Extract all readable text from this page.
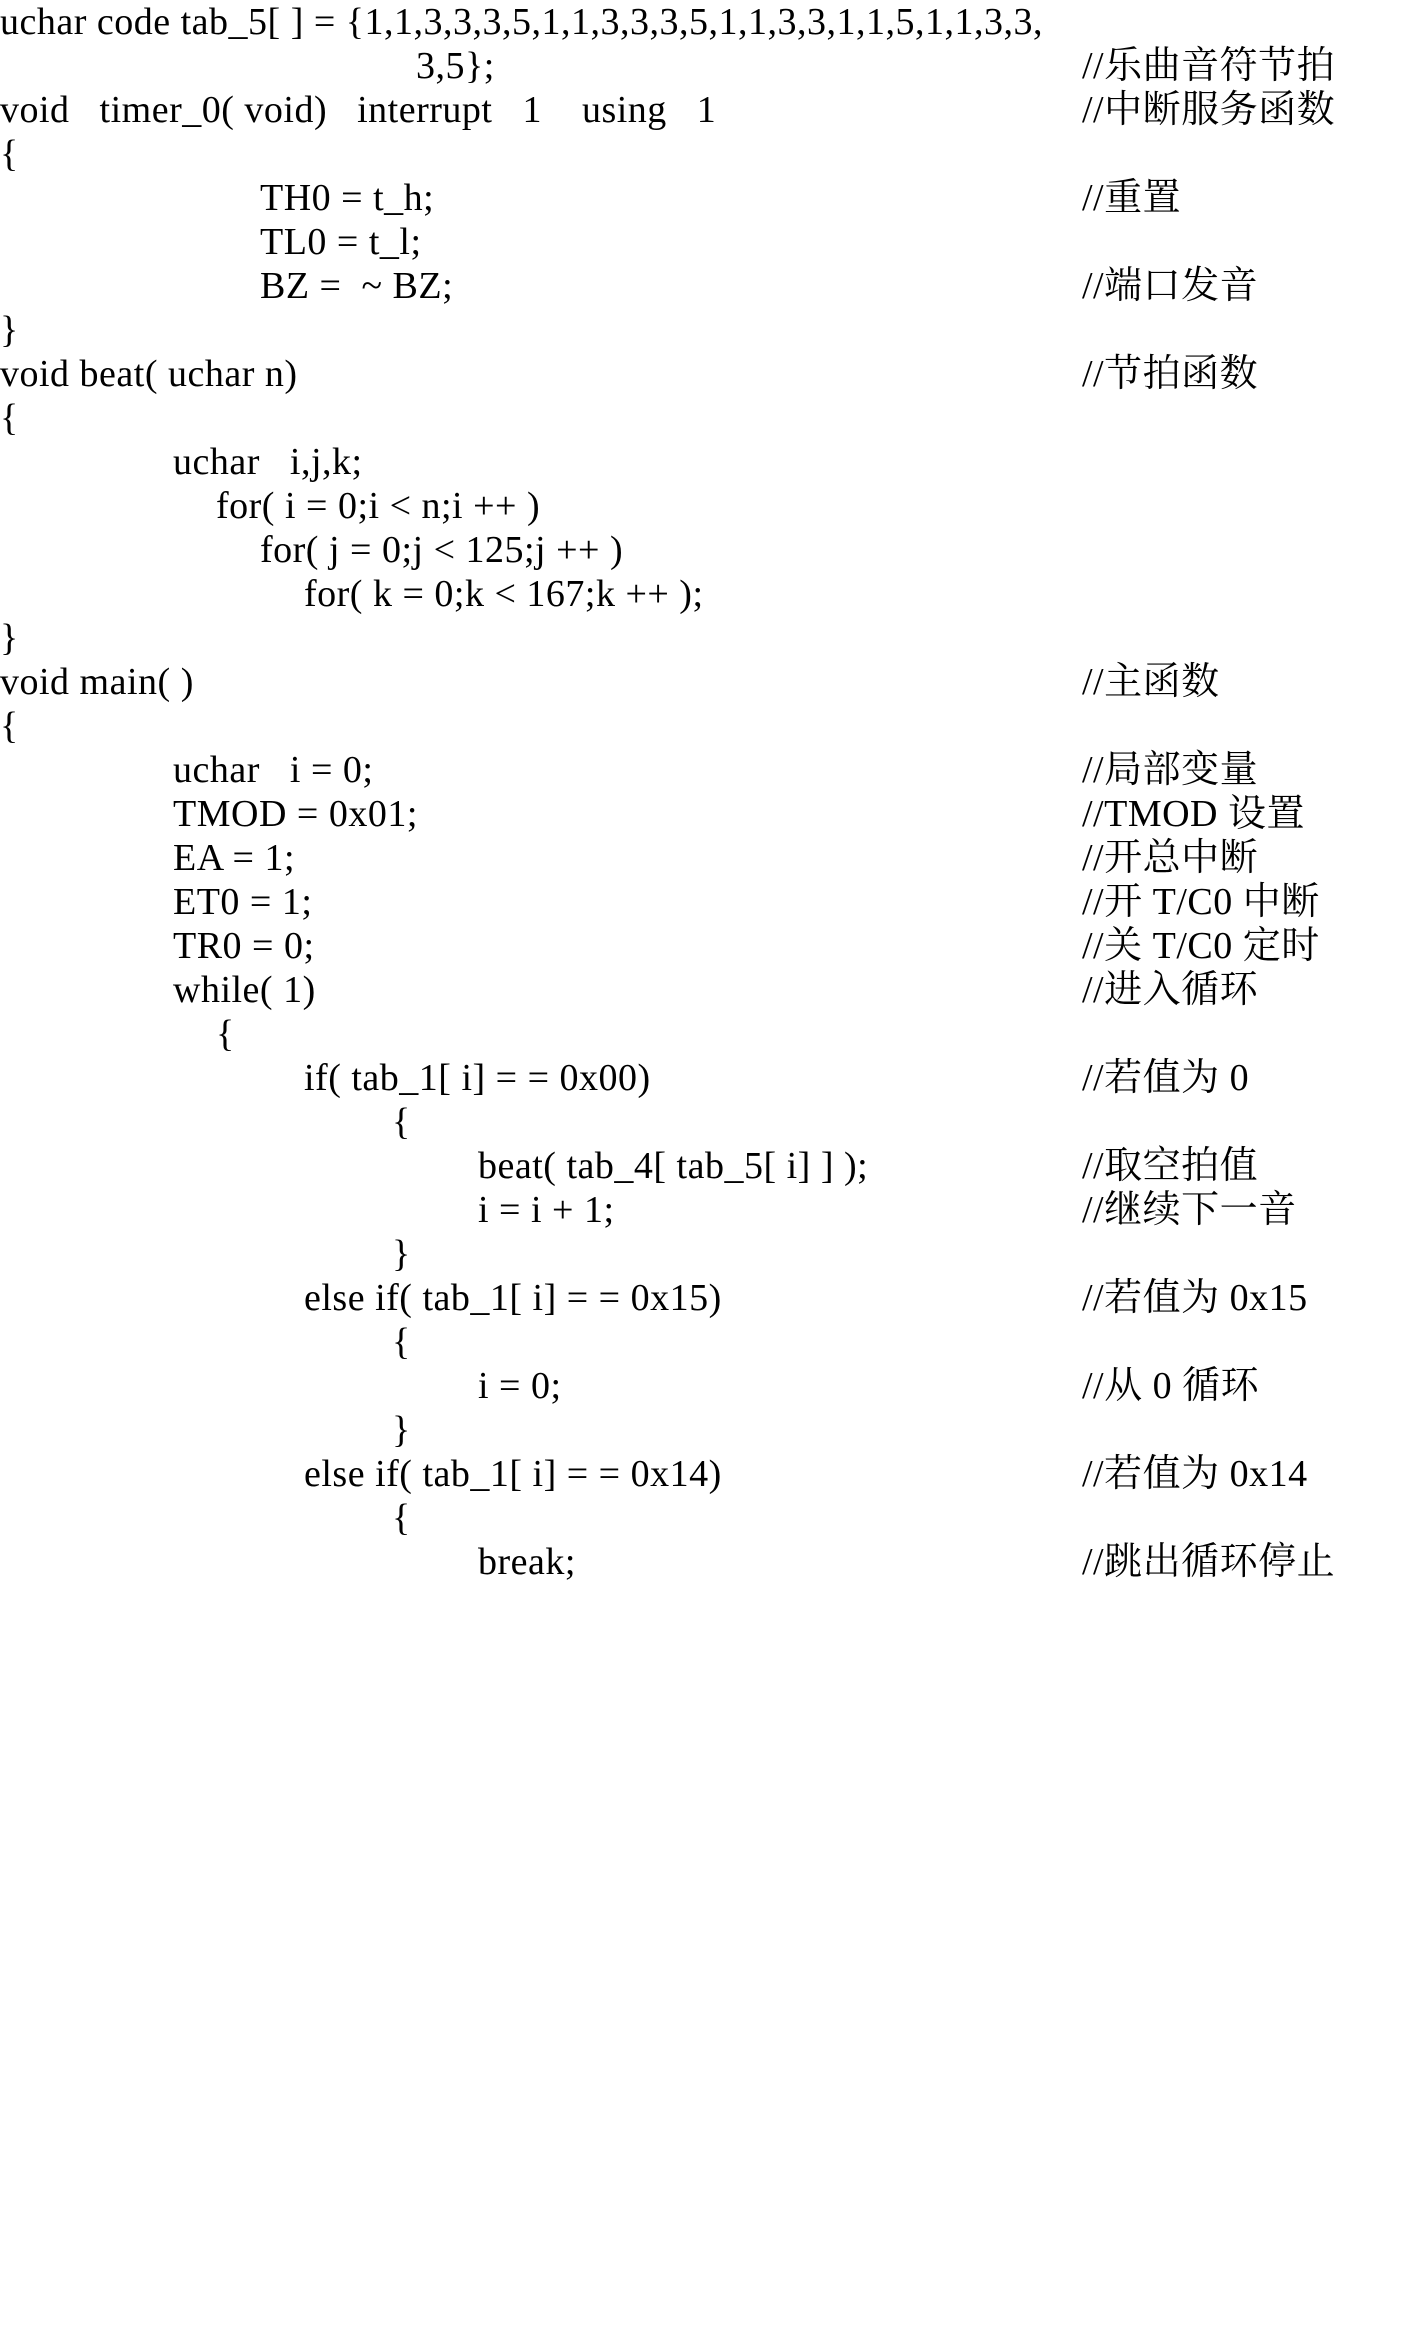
uchar code tab_5[ ] = {1,1,3,3,3,5,1,1,3,3,3,5,1,1,3,3,1,1,5,1,1,3,3,
3,5};	//乐曲音符节拍
void   timer_0( void)   interrupt   1    using   1	//中断服务函数
{
TH0 = t_h;	//重置
TL0 = t_l;
BZ =  ~ BZ;	//端口发音
}
void beat( uchar n)	//节拍函数
{
uchar   i,j,k;
for( i = 0;i < n;i ++ )
for( j = 0;j < 125;j ++ )
for( k = 0;k < 167;k ++ );
}
void main( )	//主函数
{
uchar   i = 0;	//局部变量
TMOD = 0x01;	//TMOD 设置
EA = 1;	//开总中断
ET0 = 1;	//开 T/C0 中断
TR0 = 0;	//关 T/C0 定时
while( 1)	//进入循环
{
if( tab_1[ i] = = 0x00)	//若值为 0
{
beat( tab_4[ tab_5[ i] ] );	//取空拍值
i = i + 1;	//继续下一音
}
else if( tab_1[ i] = = 0x15)	//若值为 0x15
{
i = 0;	//从 0 循环
}
else if( tab_1[ i] = = 0x14)	//若值为 0x14
{
break;	//跳出循环停止
